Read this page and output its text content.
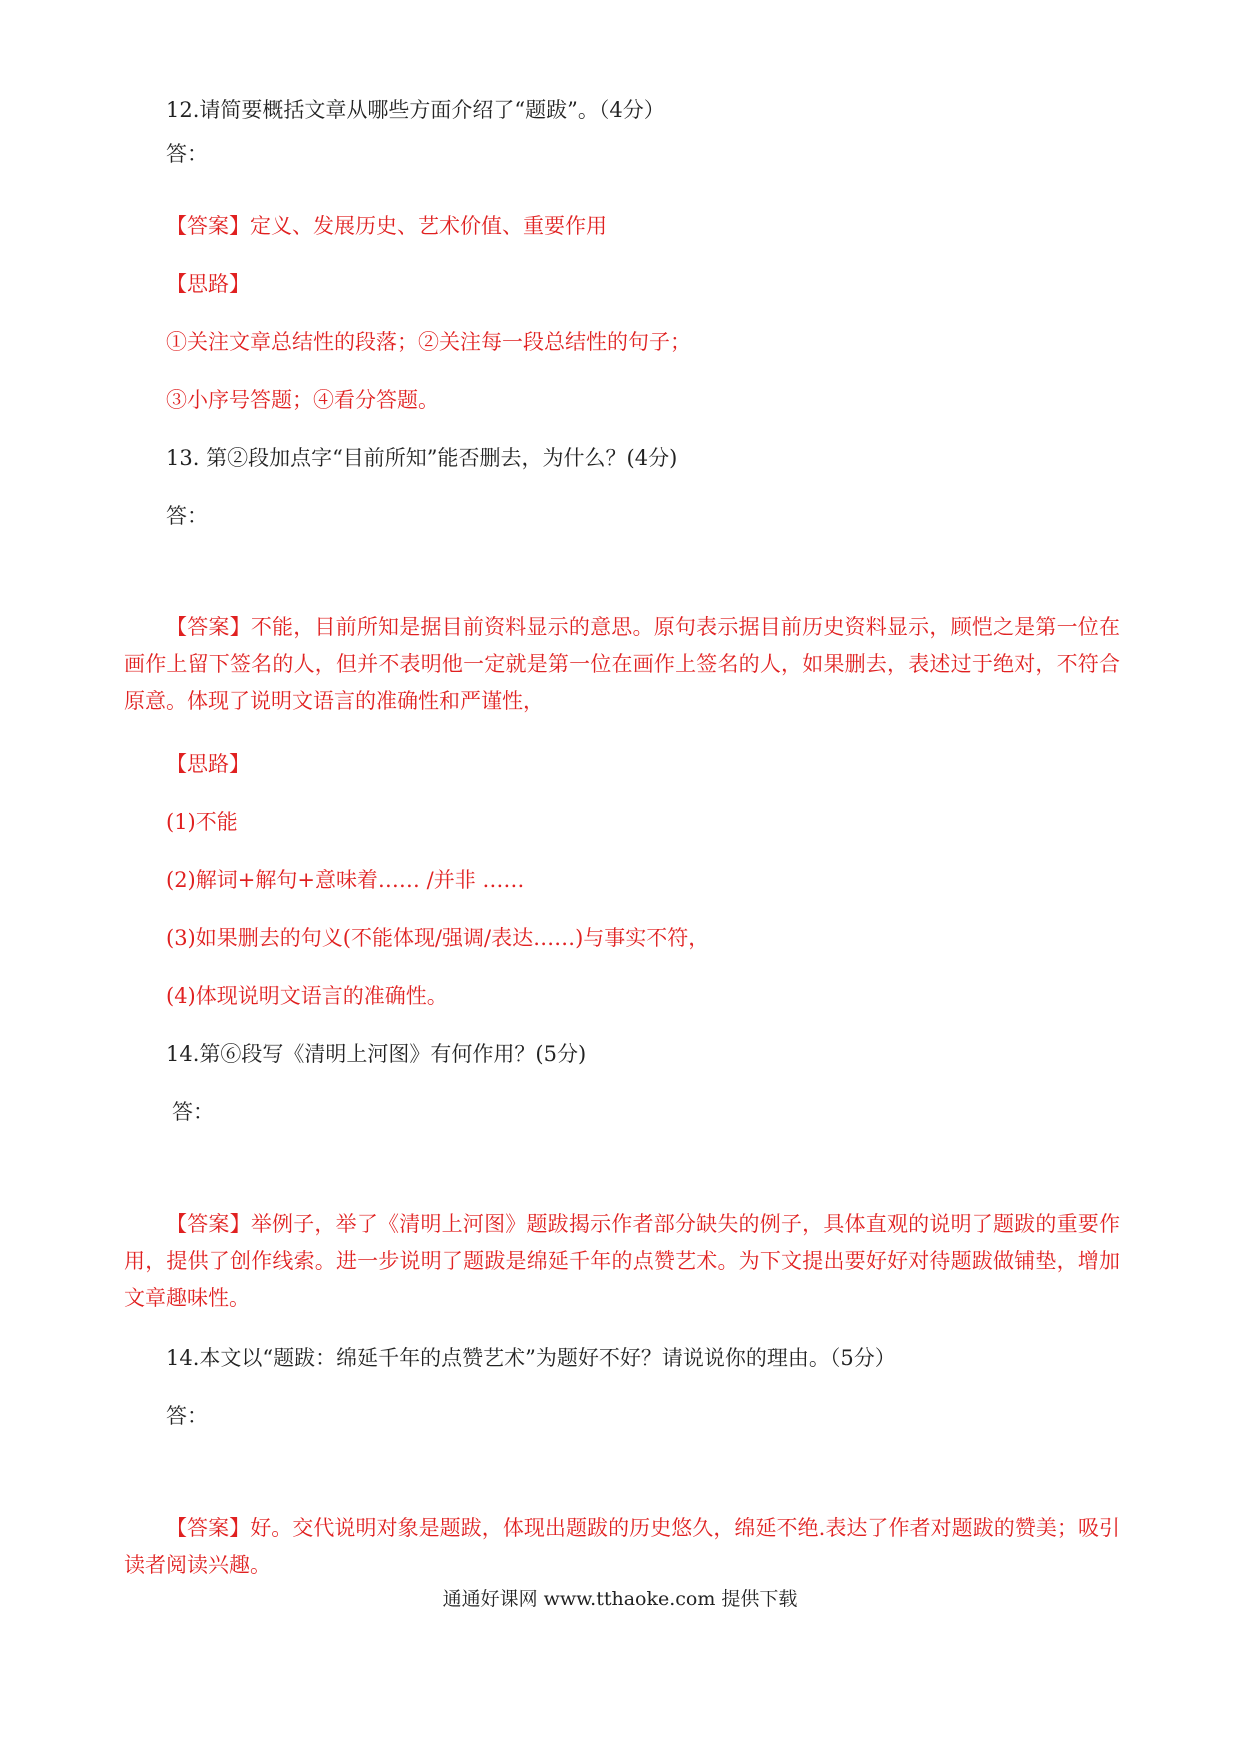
12.请简要概括文章从哪些方面介绍了“题跋”。（4分）
答：
【答案】定义、发展历史、艺术价值、重要作用
【思路】
①关注文章总结性的段落；②关注每一段总结性的句子；
③小序号答题；④看分答题。
13. 第②段加点字“目前所知”能否删去，为什么？(4分)
答：
【答案】不能，目前所知是据目前资料显示的意思。原句表示据目前历史资料显示，顾恺之是第一位在画作上留下签名的人，但并不表明他一定就是第一位在画作上签名的人，如果删去，表述过于绝对，不符合原意。体现了说明文语言的准确性和严谨性，
【思路】
(1)不能
(2)解词+解句+意味着…… /并非 ……
(3)如果删去的句义(不能体现/强调/表达……)与事实不符，
(4)体现说明文语言的准确性。
14.第⑥段写《清明上河图》有何作用？(5分)
答：
【答案】举例子，举了《清明上河图》题跋揭示作者部分缺失的例子，具体直观的说明了题跋的重要作用，提供了创作线索。进一步说明了题跋是绵延千年的点赞艺术。为下文提出要好好对待题跋做铺垫，增加文章趣味性。
14.本文以“题跋：绵延千年的点赞艺术”为题好不好？请说说你的理由。（5分）
答：
【答案】好。交代说明对象是题跋，体现出题跋的历史悠久，绵延不绝.表达了作者对题跋的赞美；吸引读者阅读兴趣。
通通好课网 www.tthaoke.com 提供下载
